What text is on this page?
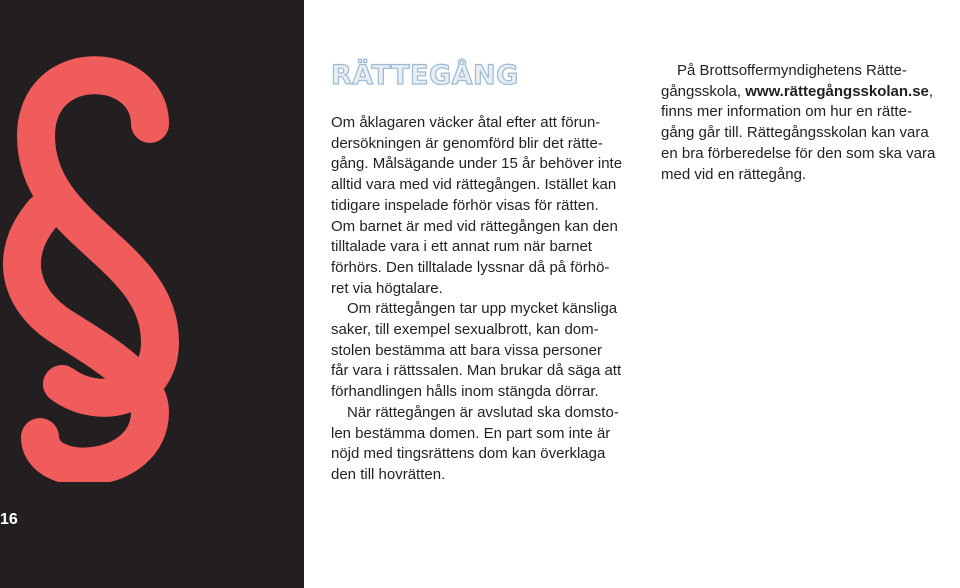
16
RÄTTEGÅNG

Om åklagaren väcker åtal efter att förun-
dersökningen är genomförd blir det rätte-
gång. Målsägande under 15 år behöver inte
alltid vara med vid rättegången. Istället kan
tidigare inspelade förhör visas för rätten.
Om barnet är med vid rättegången kan den
tilltalade vara i ett annat rum när barnet
förhörs. Den tilltalade lyssnar då på förhö-
ret via högtalare.

Om rättegången tar upp mycket känsliga
saker, till exempel sexualbrott, kan dom-
stolen bestämma att bara vissa personer
får vara i rättssalen. Man brukar då säga att
förhandlingen hålls inom stängda dörrar.

När rättegången är avslutad ska domsto-
len bestämma domen. En part som inte är
nöjd med tingsrättens dom kan överklaga
den till hovrätten.

På Brottsoffermyndighetens Rätte-
gångsskola, www.rättegångsskolan.se,
finns mer information om hur en rätte-
gång går till. Rättegångsskolan kan vara
en bra förberedelse för den som ska vara
med vid en rättegång.
